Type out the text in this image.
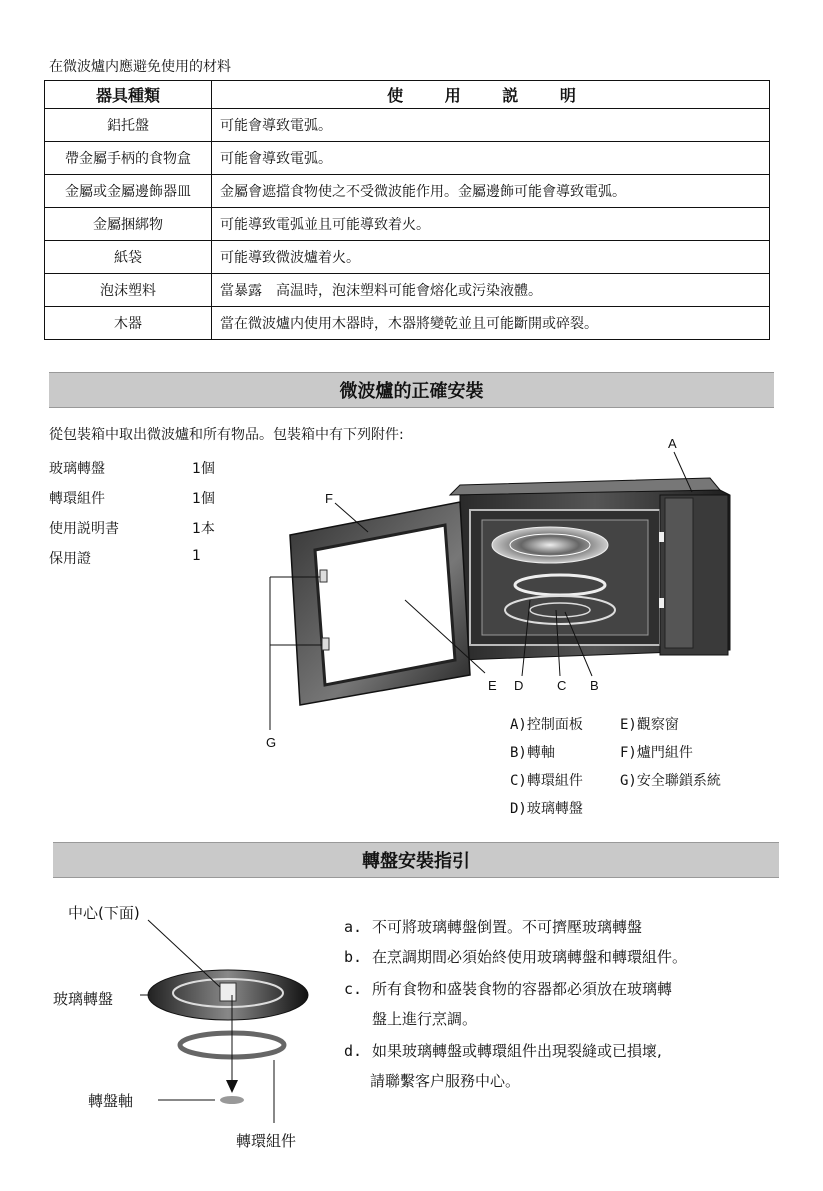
在微波爐内應避免使用的材料
器具種類	使 用 説 明
鋁托盤	可能會導致電弧。
帶金屬手柄的食物盒	可能會導致電弧。
金屬或金屬邊飾器皿	金屬會遮擋食物使之不受微波能作用。金屬邊飾可能會導致電弧。
金屬捆綁物	可能導致電弧並且可能導致着火。
紙袋	可能導致微波爐着火。
泡沫塑料	當暴露　高温時，泡沫塑料可能會熔化或污染液體。
木器	當在微波爐内使用木器時，木器將變乾並且可能斷開或碎裂。
微波爐的正確安裝
從包裝箱中取出微波爐和所有物品。包裝箱中有下列附件:
玻璃轉盤	1個
轉環組件	1個
使用説明書	1本
保用證	1
A
F
E D	C B
G
A)控制面板	E)觀察窗
B)轉軸	F)爐門組件
C)轉環組件	G)安全聯鎖系統
D)玻璃轉盤
轉盤安裝指引
中心(下面)
玻璃轉盤
轉盤軸
轉環組件
a. 不可將玻璃轉盤倒置。不可擠壓玻璃轉盤
b. 在烹調期間必須始終使用玻璃轉盤和轉環組件。
c. 所有食物和盛裝食物的容器都必須放在玻璃轉
盤上進行烹調。
d. 如果玻璃轉盤或轉環組件出現裂縫或已損壞,
請聯繫客户服務中心。
